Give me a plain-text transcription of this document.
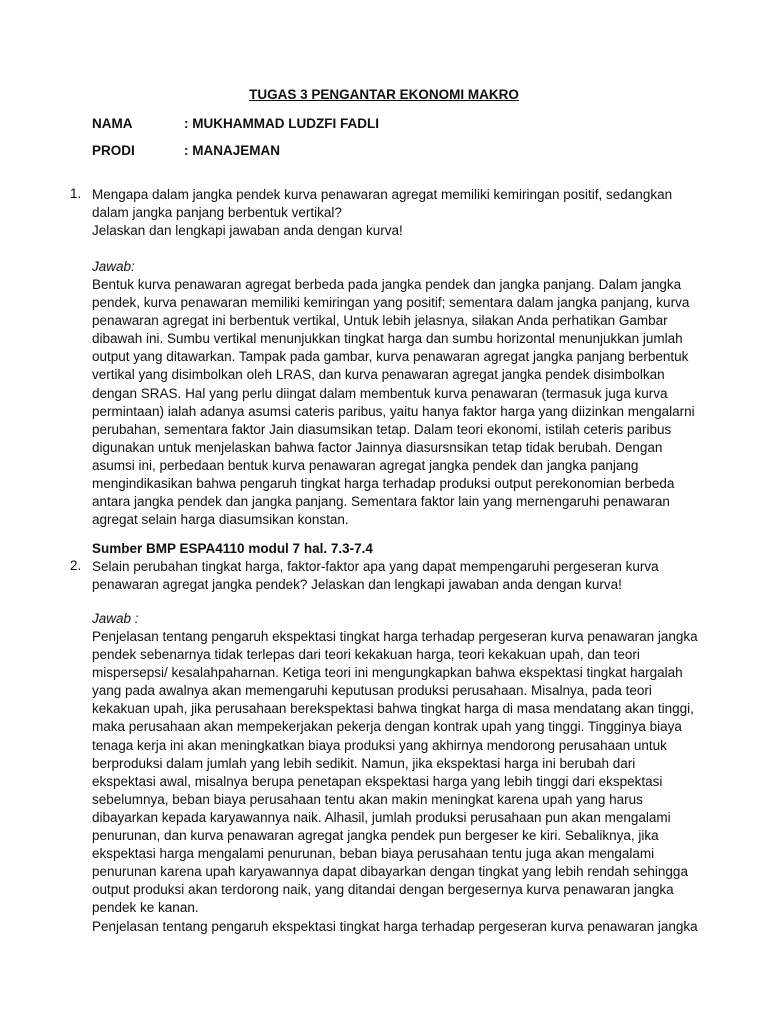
TUGAS 3 PENGANTAR EKONOMI MAKRO
NAMA	: MUKHAMMAD LUDZFI FADLI
PRODI	: MANAJEMAN
1. Mengapa dalam jangka pendek kurva penawaran agregat memiliki kemiringan positif, sedangkan
dalam jangka panjang berbentuk vertikal?
Jelaskan dan lengkapi jawaban anda dengan kurva!
Jawab:
Bentuk kurva penawaran agregat berbeda pada jangka pendek dan jangka panjang. Dalam jangka
pendek, kurva penawaran memiliki kemiringan yang positif; sementara dalam jangka panjang, kurva
penawaran agregat ini berbentuk vertikal, Untuk lebih jelasnya, silakan Anda perhatikan Gambar
dibawah ini. Sumbu vertikal menunjukkan tingkat harga dan sumbu horizontal menunjukkan jumlah
output yang ditawarkan. Tampak pada gambar, kurva penawaran agregat jangka panjang berbentuk
vertikal yang disimbolkan oleh LRAS, dan kurva penawaran agregat jangka pendek disimbolkan
dengan SRAS. Hal yang perlu diingat dalam membentuk kurva penawaran (termasuk juga kurva
permintaan) ialah adanya asumsi cateris paribus, yaitu hanya faktor harga yang diizinkan mengalarni
perubahan, sementara faktor Jain diasumsikan tetap. Dalam teori ekonomi, istilah ceteris paribus
digunakan untuk menjelaskan bahwa factor Jainnya diasursnsikan tetap tidak berubah. Dengan
asumsi ini, perbedaan bentuk kurva penawaran agregat jangka pendek dan jangka panjang
mengindikasikan bahwa pengaruh tingkat harga terhadap produksi output perekonomian berbeda
antara jangka pendek dan jangka panjang. Sementara faktor lain yang mernengaruhi penawaran
agregat selain harga diasumsikan konstan.
Sumber BMP ESPA4110 modul 7 hal. 7.3-7.4
2. Selain perubahan tingkat harga, faktor-faktor apa yang dapat mempengaruhi pergeseran kurva
penawaran agregat jangka pendek? Jelaskan dan lengkapi jawaban anda dengan kurva!
Jawab :
Penjelasan tentang pengaruh ekspektasi tingkat harga terhadap pergeseran kurva penawaran jangka
pendek sebenarnya tidak terlepas dari teori kekakuan harga, teori kekakuan upah, dan teori
mispersepsi/ kesalahpaharnan. Ketiga teori ini mengungkapkan bahwa ekspektasi tingkat hargalah
yang pada awalnya akan memengaruhi keputusan produksi perusahaan. Misalnya, pada teori
kekakuan upah, jika perusahaan berekspektasi bahwa tingkat harga di masa mendatang akan tinggi,
maka perusahaan akan mempekerjakan pekerja dengan kontrak upah yang tinggi. Tingginya biaya
tenaga kerja ini akan meningkatkan biaya produksi yang akhirnya mendorong perusahaan untuk
berproduksi dalam jumlah yang lebih sedikit. Namun, jika ekspektasi harga ini berubah dari
ekspektasi awal, misalnya berupa penetapan ekspektasi harga yang lebih tinggi dari ekspektasi
sebelumnya, beban biaya perusahaan tentu akan makin meningkat karena upah yang harus
dibayarkan kepada karyawannya naik. Alhasil, jumlah produksi perusahaan pun akan mengalami
penurunan, dan kurva penawaran agregat jangka pendek pun bergeser ke kiri. Sebaliknya, jika
ekspektasi harga mengalami penurunan, beban biaya perusahaan tentu juga akan mengalami
penurunan karena upah karyawannya dapat dibayarkan dengan tingkat yang lebih rendah sehingga
output produksi akan terdorong naik, yang ditandai dengan bergesernya kurva penawaran jangka
pendek ke kanan.
Penjelasan tentang pengaruh ekspektasi tingkat harga terhadap pergeseran kurva penawaran jangka
